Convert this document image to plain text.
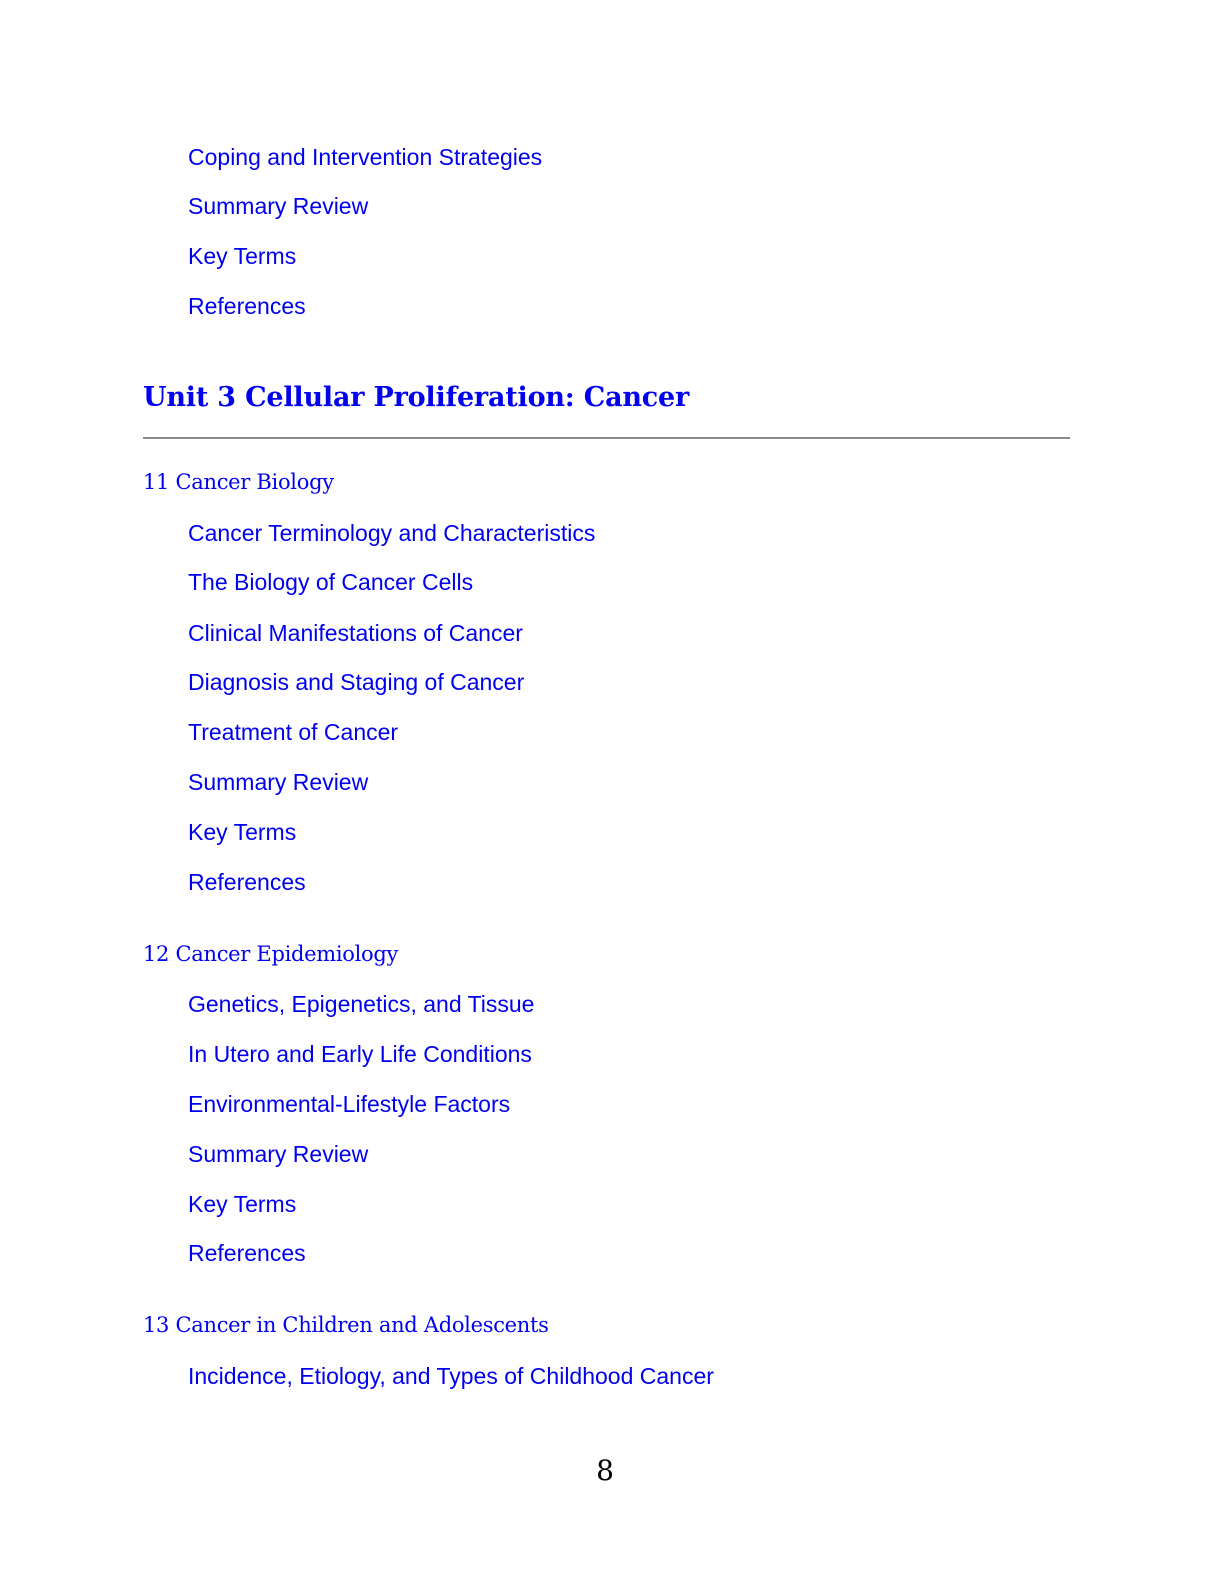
Coping and Intervention Strategies
Summary Review
Key Terms
References
Unit 3 Cellular Proliferation: Cancer
11 Cancer Biology
Cancer Terminology and Characteristics
The Biology of Cancer Cells
Clinical Manifestations of Cancer
Diagnosis and Staging of Cancer
Treatment of Cancer
Summary Review
Key Terms
References
12 Cancer Epidemiology
Genetics, Epigenetics, and Tissue
In Utero and Early Life Conditions
Environmental-Lifestyle Factors
Summary Review
Key Terms
References
13 Cancer in Children and Adolescents
Incidence, Etiology, and Types of Childhood Cancer
8
